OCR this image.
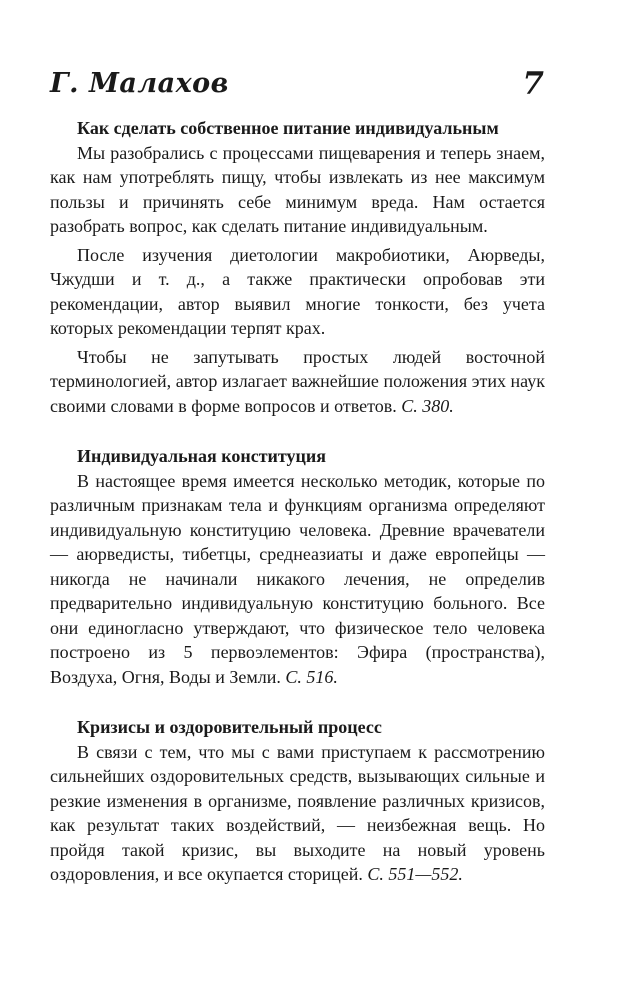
Г. Малахов	7

Как сделать собственное питание индивидуальным

Мы разобрались с процессами пищеварения и теперь знаем, как нам употреблять пищу, чтобы извлекать из нее максимум пользы и причинять себе минимум вреда. Нам остается разобрать вопрос, как сделать питание индивидуальным.

После изучения диетологии макробиотики, Аюрведы, Чжудши и т. д., а также практически опробовав эти рекомендации, автор выявил многие тонкости, без учета которых рекомендации терпят крах.

Чтобы не запутывать простых людей восточной терминологией, автор излагает важнейшие положения этих наук своими словами в форме вопросов и ответов. С. 380.

Индивидуальная конституция

В настоящее время имеется несколько методик, которые по различным признакам тела и функциям организма определяют индивидуальную конституцию человека. Древние врачеватели — аюрведисты, тибетцы, среднеазиаты и даже европейцы — никогда не начинали никакого лечения, не определив предварительно индивидуальную конституцию больного. Все они единогласно утверждают, что физическое тело человека построено из 5 первоэлементов: Эфира (пространства), Воздуха, Огня, Воды и Земли. С. 516.

Кризисы и оздоровительный процесс

В связи с тем, что мы с вами приступаем к рассмотрению сильнейших оздоровительных средств, вызывающих сильные и резкие изменения в организме, появление различных кризисов, как результат таких воздействий, — неизбежная вещь. Но пройдя такой кризис, вы выходите на новый уровень оздоровления, и все окупается сторицей. С. 551—552.
